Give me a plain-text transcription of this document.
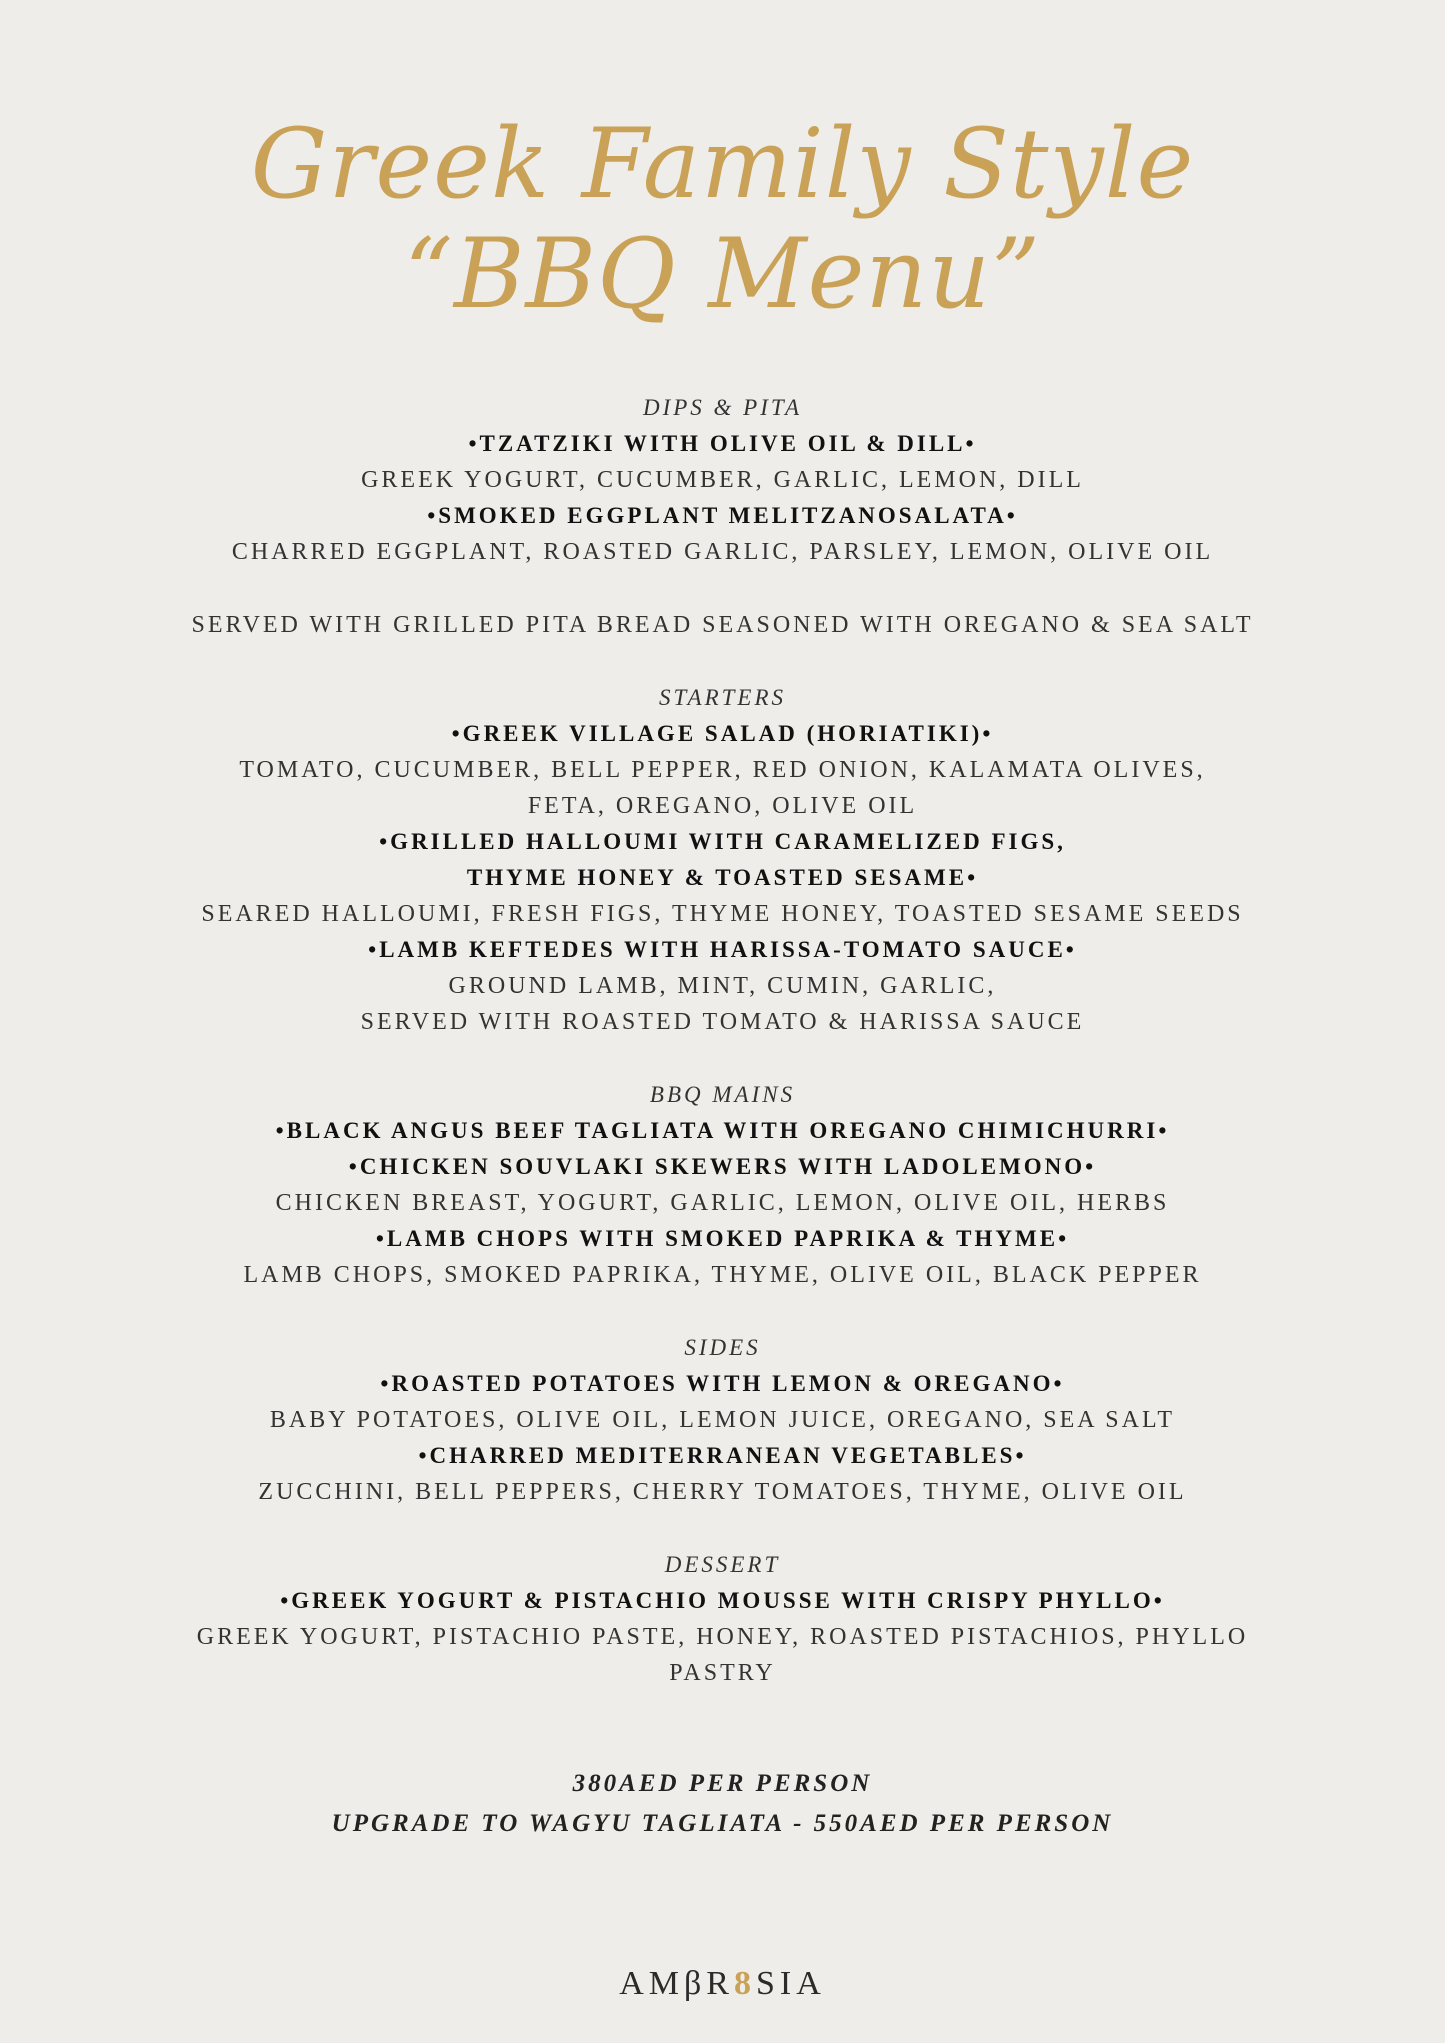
Greek Family Style
“BBQ Menu”
DIPS & PITA
•TZATZIKI WITH OLIVE OIL & DILL•
GREEK YOGURT, CUCUMBER, GARLIC, LEMON, DILL
•SMOKED EGGPLANT MELITZANOSALATA•
CHARRED EGGPLANT, ROASTED GARLIC, PARSLEY, LEMON, OLIVE OIL
SERVED WITH GRILLED PITA BREAD SEASONED WITH OREGANO & SEA SALT
STARTERS
•GREEK VILLAGE SALAD (HORIATIKI)•
TOMATO, CUCUMBER, BELL PEPPER, RED ONION, KALAMATA OLIVES,
FETA, OREGANO, OLIVE OIL
•GRILLED HALLOUMI WITH CARAMELIZED FIGS,
THYME HONEY & TOASTED SESAME•
SEARED HALLOUMI, FRESH FIGS, THYME HONEY, TOASTED SESAME SEEDS
•LAMB KEFTEDES WITH HARISSA-TOMATO SAUCE•
GROUND LAMB, MINT, CUMIN, GARLIC,
SERVED WITH ROASTED TOMATO & HARISSA SAUCE
BBQ MAINS
•BLACK ANGUS BEEF TAGLIATA WITH OREGANO CHIMICHURRI•
•CHICKEN SOUVLAKI SKEWERS WITH LADOLEMONO•
CHICKEN BREAST, YOGURT, GARLIC, LEMON, OLIVE OIL, HERBS
•LAMB CHOPS WITH SMOKED PAPRIKA & THYME•
LAMB CHOPS, SMOKED PAPRIKA, THYME, OLIVE OIL, BLACK PEPPER
SIDES
•ROASTED POTATOES WITH LEMON & OREGANO•
BABY POTATOES, OLIVE OIL, LEMON JUICE, OREGANO, SEA SALT
•CHARRED MEDITERRANEAN VEGETABLES•
ZUCCHINI, BELL PEPPERS, CHERRY TOMATOES, THYME, OLIVE OIL
DESSERT
•GREEK YOGURT & PISTACHIO MOUSSE WITH CRISPY PHYLLO•
GREEK YOGURT, PISTACHIO PASTE, HONEY, ROASTED PISTACHIOS, PHYLLO
PASTRY
380AED PER PERSON
UPGRADE TO WAGYU TAGLIATA - 550AED PER PERSON
AMβR8SIA
